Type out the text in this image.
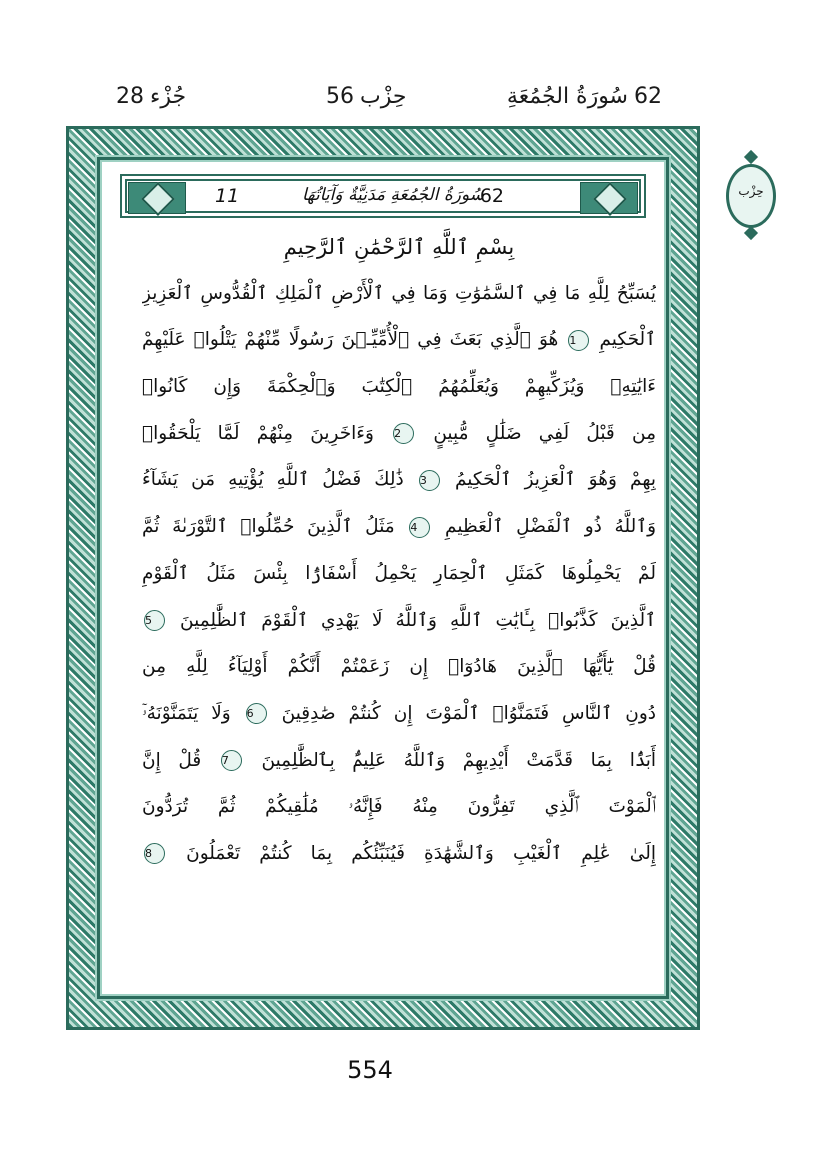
62سُورَةُ الجُمُعَةِ
حِزْب56
جُزْء28
62
سُورَةُ الجُمُعَةِ مَدَنِيَّةٌ وَآيَاتُهَا
11
بِسْمِ ٱللَّهِ ٱلرَّحْمَٰنِ ٱلرَّحِيمِ
يُسَبِّحُ لِلَّهِ مَا فِي ٱلسَّمَٰوَٰتِ وَمَا فِي ٱلْأَرْضِ ٱلْمَلِكِ ٱلْقُدُّوسِ ٱلْعَزِيزِ
ٱلْحَكِيمِ 1 هُوَ ٱلَّذِي بَعَثَ فِي ٱلْأُمِّيِّـۧنَ رَسُولًا مِّنْهُمْ يَتْلُوا۟ عَلَيْهِمْ
ءَايَٰتِهِۦ وَيُزَكِّيهِمْ وَيُعَلِّمُهُمُ ٱلْكِتَٰبَ وَٱلْحِكْمَةَ وَإِن كَانُوا۟
مِن قَبْلُ لَفِي ضَلَٰلٍ مُّبِينٍ 2 وَءَاخَرِينَ مِنْهُمْ لَمَّا يَلْحَقُوا۟
بِهِمْ وَهُوَ ٱلْعَزِيزُ ٱلْحَكِيمُ 3 ذَٰلِكَ فَضْلُ ٱللَّهِ يُؤْتِيهِ مَن يَشَآءُ
وَٱللَّهُ ذُو ٱلْفَضْلِ ٱلْعَظِيمِ 4 مَثَلُ ٱلَّذِينَ حُمِّلُوا۟ ٱلتَّوْرَىٰةَ ثُمَّ
لَمْ يَحْمِلُوهَا كَمَثَلِ ٱلْحِمَارِ يَحْمِلُ أَسْفَارًۢا بِئْسَ مَثَلُ ٱلْقَوْمِ
ٱلَّذِينَ كَذَّبُوا۟ بِـَٔايَٰتِ ٱللَّهِ وَٱللَّهُ لَا يَهْدِي ٱلْقَوْمَ ٱلظَّٰلِمِينَ 5
قُلْ يَٰٓأَيُّهَا ٱلَّذِينَ هَادُوٓا۟ إِن زَعَمْتُمْ أَنَّكُمْ أَوْلِيَآءُ لِلَّهِ مِن
دُونِ ٱلنَّاسِ فَتَمَنَّوُا۟ ٱلْمَوْتَ إِن كُنتُمْ صَٰدِقِينَ 6 وَلَا يَتَمَنَّوْنَهُۥٓ
أَبَدًۢا بِمَا قَدَّمَتْ أَيْدِيهِمْ وَٱللَّهُ عَلِيمٌۢ بِٱلظَّٰلِمِينَ 7 قُلْ إِنَّ
ٱلْمَوْتَ ٱلَّذِي تَفِرُّونَ مِنْهُ فَإِنَّهُۥ مُلَٰقِيكُمْ ثُمَّ تُرَدُّونَ
إِلَىٰ عَٰلِمِ ٱلْغَيْبِ وَٱلشَّهَٰدَةِ فَيُنَبِّئُكُم بِمَا كُنتُمْ تَعْمَلُونَ 8
حِزْب
554
